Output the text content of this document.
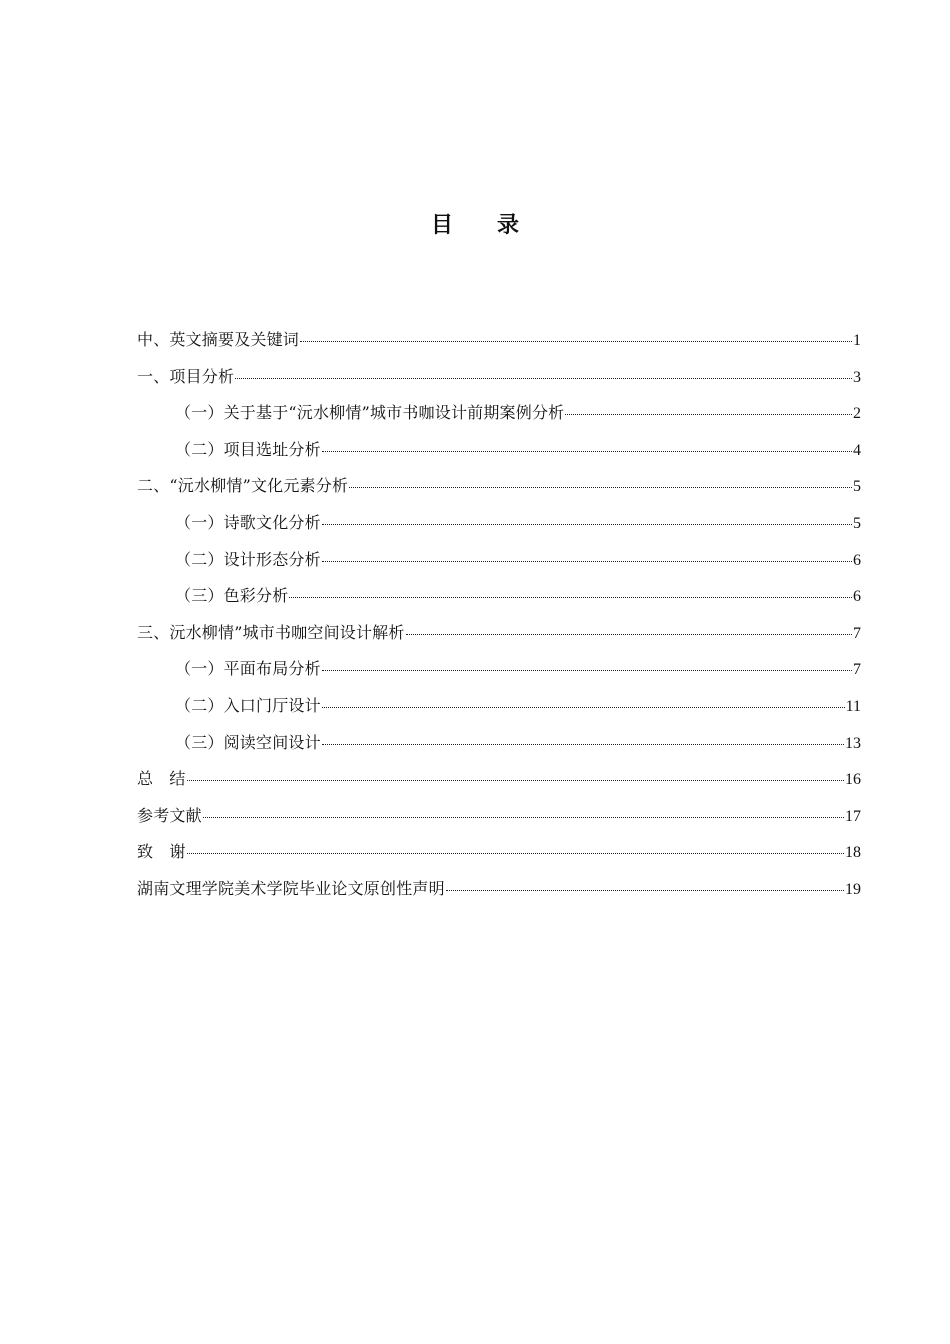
目 录
中、英文摘要及关键词	1
一、项目分析	3
（一）关于基于“沅水柳情”城市书咖设计前期案例分析	2
（二）项目选址分析	4
二、“沅水柳情”文化元素分析	5
（一）诗歌文化分析	5
（二）设计形态分析	6
（三）色彩分析	6
三、沅水柳情”城市书咖空间设计解析	7
（一）平面布局分析	7
（二）入口门厅设计	11
（三）阅读空间设计	13
总　结	16
参考文献	17
致　谢	18
湖南文理学院美术学院毕业论文原创性声明	19
